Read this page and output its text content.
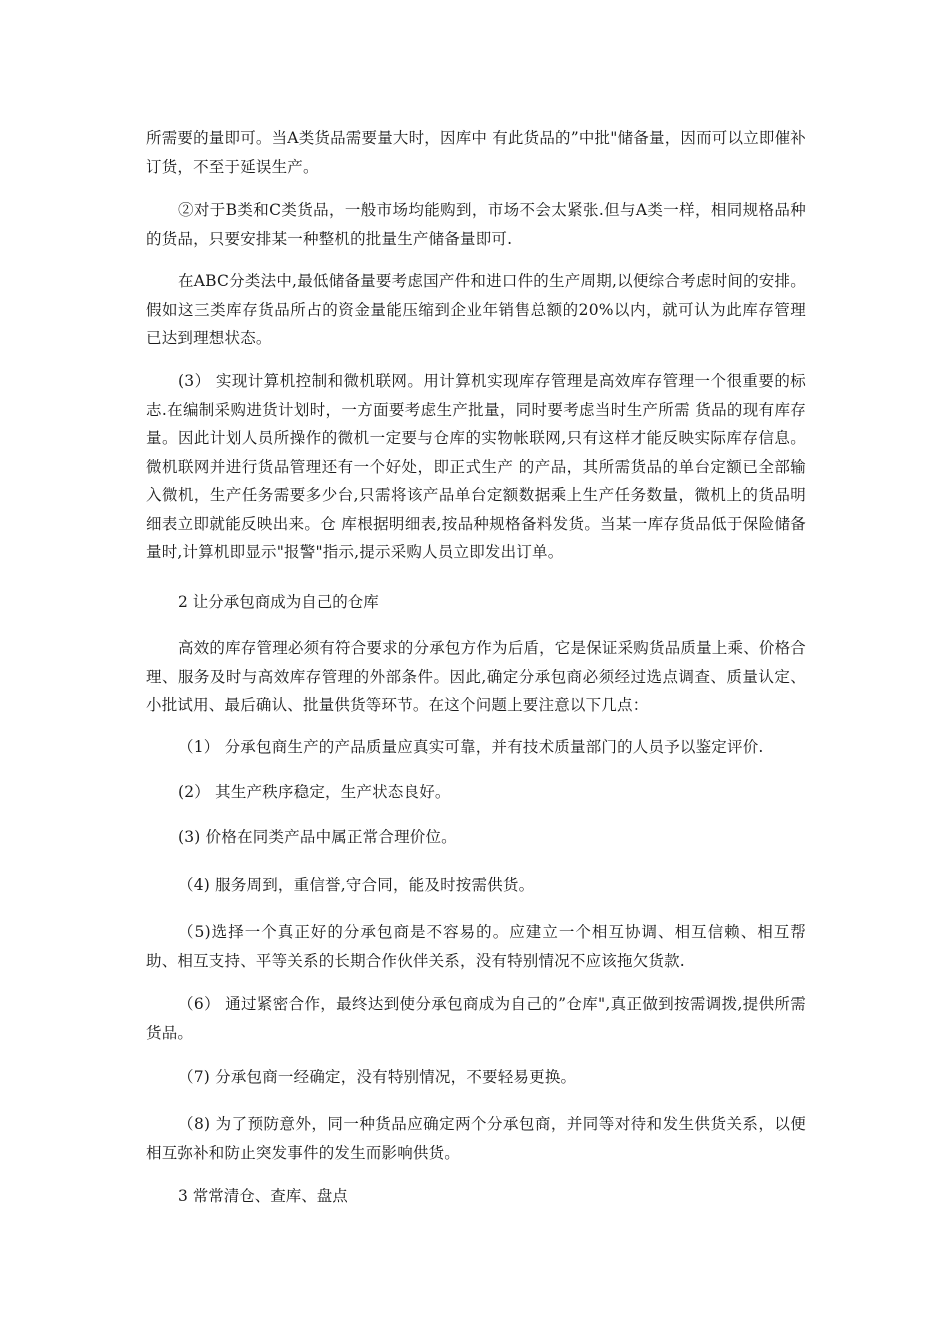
所需要的量即可。当A类货品需要量大时，因库中 有此货品的”中批"储备量，因而可以立即催补订货，不至于延误生产。

②对于B类和C类货品，一般市场均能购到，市场不会太紧张.但与A类一样，相同规格品种的货品，只要安排某一种整机的批量生产储备量即可.

在ABC分类法中,最低储备量要考虑国产件和进口件的生产周期,以便综合考虑时间的安排。假如这三类库存货品所占的资金量能压缩到企业年销售总额的20%以内，就可认为此库存管理已达到理想状态。

(3） 实现计算机控制和微机联网。用计算机实现库存管理是高效库存管理一个很重要的标志.在编制采购进货计划时，一方面要考虑生产批量，同时要考虑当时生产所需 货品的现有库存量。因此计划人员所操作的微机一定要与仓库的实物帐联网,只有这样才能反映实际库存信息。微机联网并进行货品管理还有一个好处，即正式生产 的产品，其所需货品的单台定额已全部输入微机，生产任务需要多少台,只需将该产品单台定额数据乘上生产任务数量，微机上的货品明细表立即就能反映出来。仓 库根据明细表,按品种规格备料发货。当某一库存货品低于保险储备量时,计算机即显示"报警"指示,提示采购人员立即发出订单。

2 让分承包商成为自己的仓库

高效的库存管理必须有符合要求的分承包方作为后盾，它是保证采购货品质量上乘、价格合理、服务及时与高效库存管理的外部条件。因此,确定分承包商必须经过选点调查、质量认定、小批试用、最后确认、批量供货等环节。在这个问题上要注意以下几点：

（1） 分承包商生产的产品质量应真实可靠，并有技术质量部门的人员予以鉴定评价.

(2） 其生产秩序稳定，生产状态良好。

(3) 价格在同类产品中属正常合理价位。

（4) 服务周到，重信誉,守合同，能及时按需供货。

（5)选择一个真正好的分承包商是不容易的。应建立一个相互协调、相互信赖、相互帮助、相互支持、平等关系的长期合作伙伴关系，没有特别情况不应该拖欠货款.

（6） 通过紧密合作，最终达到使分承包商成为自己的”仓库",真正做到按需调拨,提供所需货品。

（7) 分承包商一经确定，没有特别情况，不要轻易更换。

（8) 为了预防意外，同一种货品应确定两个分承包商，并同等对待和发生供货关系，以便相互弥补和防止突发事件的发生而影响供货。

3 常常清仓、查库、盘点
